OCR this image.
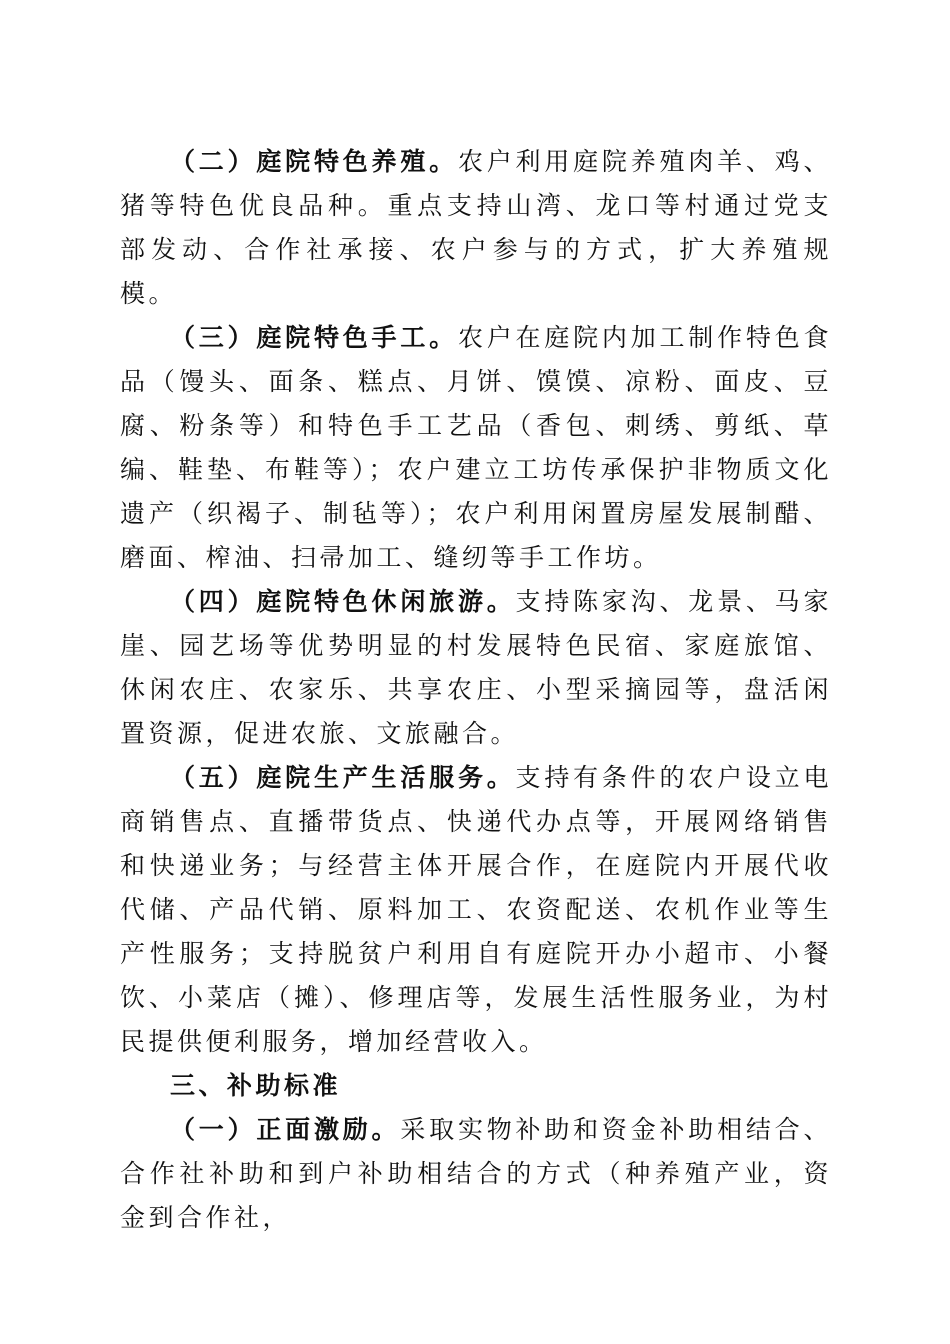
（二）庭院特色养殖。农户利用庭院养殖肉羊、鸡、猪等特色优良品种。重点支持山湾、龙口等村通过党支部发动、合作社承接、农户参与的方式，扩大养殖规模。

（三）庭院特色手工。农户在庭院内加工制作特色食品（馒头、面条、糕点、月饼、馍馍、凉粉、面皮、豆腐、粉条等）和特色手工艺品（香包、刺绣、剪纸、草编、鞋垫、布鞋等）；农户建立工坊传承保护非物质文化遗产（织褐子、制毡等）；农户利用闲置房屋发展制醋、磨面、榨油、扫帚加工、缝纫等手工作坊。

（四）庭院特色休闲旅游。支持陈家沟、龙景、马家崖、园艺场等优势明显的村发展特色民宿、家庭旅馆、休闲农庄、农家乐、共享农庄、小型采摘园等，盘活闲置资源，促进农旅、文旅融合。

（五）庭院生产生活服务。支持有条件的农户设立电商销售点、直播带货点、快递代办点等，开展网络销售和快递业务；与经营主体开展合作，在庭院内开展代收代储、产品代销、原料加工、农资配送、农机作业等生产性服务；支持脱贫户利用自有庭院开办小超市、小餐饮、小菜店（摊）、修理店等，发展生活性服务业，为村民提供便利服务，增加经营收入。

三、补助标准

（一）正面激励。采取实物补助和资金补助相结合、合作社补助和到户补助相结合的方式（种养殖产业，资金到合作社，
